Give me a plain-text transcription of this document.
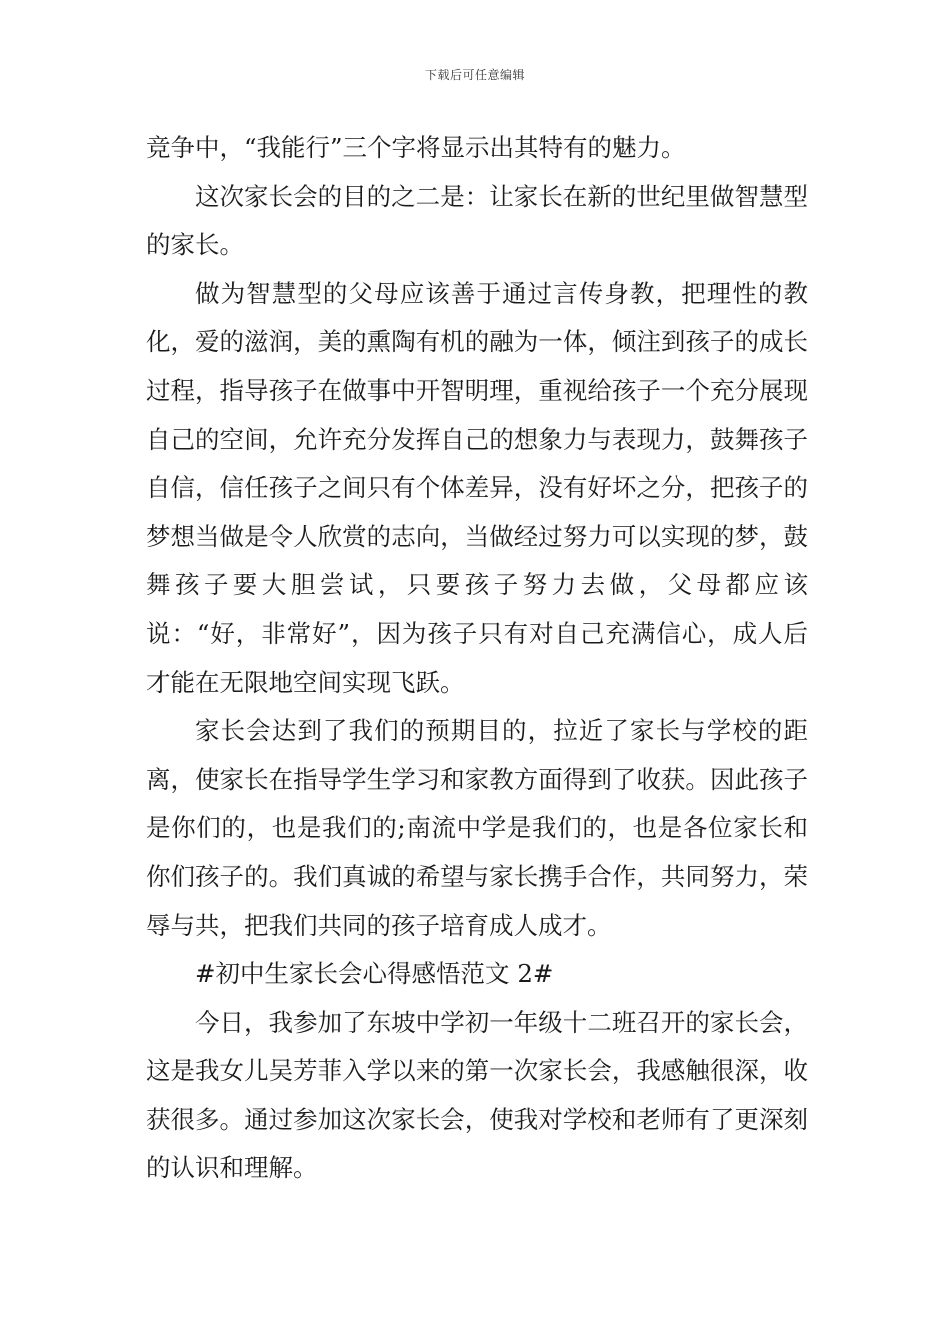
下载后可任意编辑

竞争中，“我能行”三个字将显示出其特有的魅力。

这次家长会的目的之二是：让家长在新的世纪里做智慧型的家长。

做为智慧型的父母应该善于通过言传身教，把理性的教化，爱的滋润，美的熏陶有机的融为一体，倾注到孩子的成长过程，指导孩子在做事中开智明理，重视给孩子一个充分展现自己的空间，允许充分发挥自己的想象力与表现力，鼓舞孩子自信，信任孩子之间只有个体差异，没有好坏之分，把孩子的梦想当做是令人欣赏的志向，当做经过努力可以实现的梦，鼓舞孩子要大胆尝试，只要孩子努力去做，父母都应该说：“好，非常好”，因为孩子只有对自己充满信心，成人后才能在无限地空间实现飞跃。

家长会达到了我们的预期目的，拉近了家长与学校的距离，使家长在指导学生学习和家教方面得到了收获。因此孩子是你们的，也是我们的;南流中学是我们的，也是各位家长和你们孩子的。我们真诚的希望与家长携手合作，共同努力，荣辱与共，把我们共同的孩子培育成人成才。

#初中生家长会心得感悟范文 2#

今日，我参加了东坡中学初一年级十二班召开的家长会，这是我女儿吴芳菲入学以来的第一次家长会，我感触很深，收获很多。通过参加这次家长会，使我对学校和老师有了更深刻的认识和理解。
